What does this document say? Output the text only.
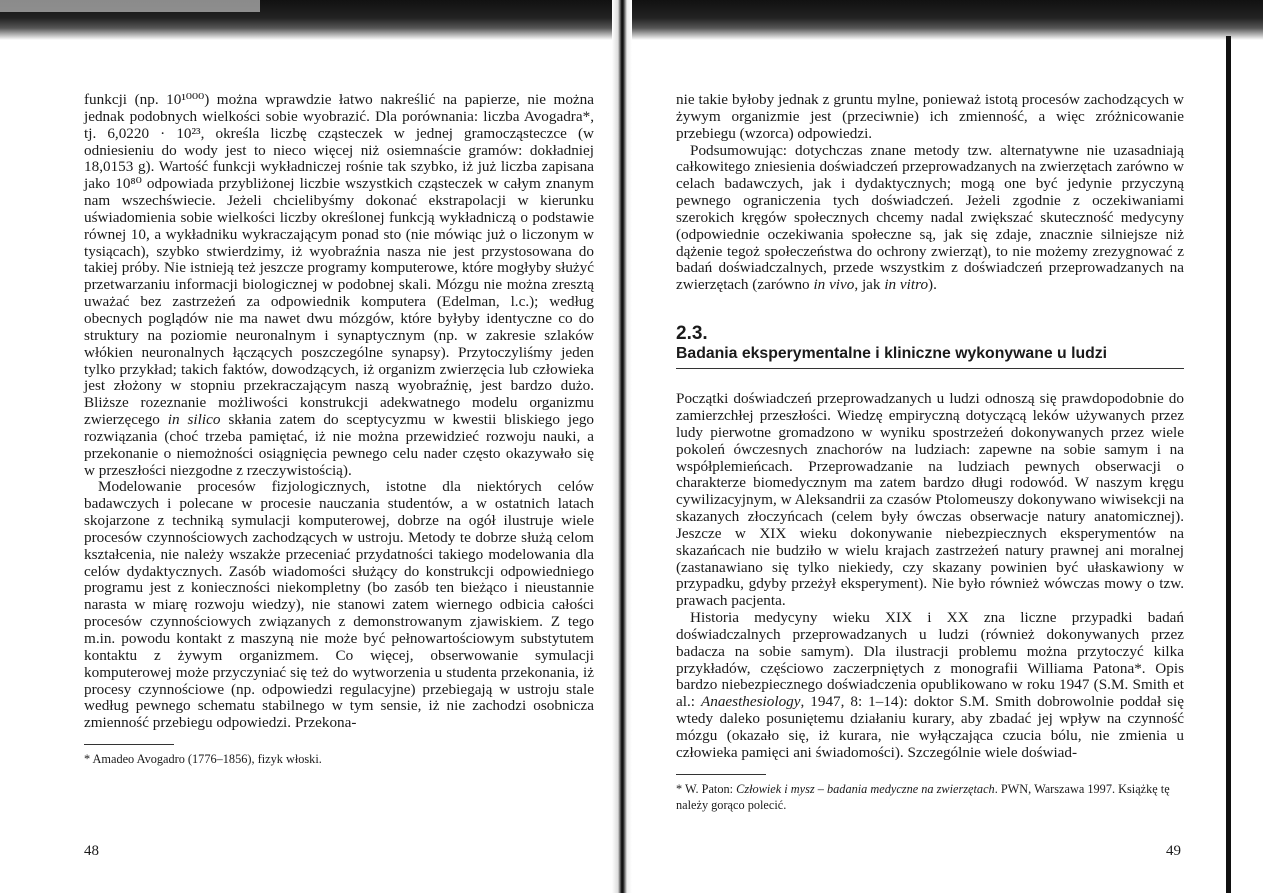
funkcji (np. 10¹⁰⁰⁰) można wprawdzie łatwo nakreślić na papierze, nie można jednak podobnych wielkości sobie wyobrazić. Dla porównania: liczba Avogadra*, tj. 6,0220 · 10²³, określa liczbę cząsteczek w jednej gramocząsteczce (w odniesieniu do wody jest to nieco więcej niż osiemnaście gramów: dokładniej 18,0153 g). Wartość funkcji wykładniczej rośnie tak szybko, iż już liczba zapisana jako 10⁸⁰ odpowiada przybliżonej liczbie wszystkich cząsteczek w całym znanym nam wszechświecie. Jeżeli chcielibyśmy dokonać ekstrapolacji w kierunku uświadomienia sobie wielkości liczby określonej funkcją wykładniczą o podstawie równej 10, a wykładniku wykraczającym ponad sto (nie mówiąc już o liczonym w tysiącach), szybko stwierdzimy, iż wyobraźnia nasza nie jest przystosowana do takiej próby. Nie istnieją też jeszcze programy komputerowe, które mogłyby służyć przetwarzaniu informacji biologicznej w podobnej skali. Mózgu nie można zresztą uważać bez zastrzeżeń za odpowiednik komputera (Edelman, l.c.); według obecnych poglądów nie ma nawet dwu mózgów, które byłyby identyczne co do struktury na poziomie neuronalnym i synaptycznym (np. w zakresie szlaków włókien neuronalnych łączących poszczególne synapsy). Przytoczyliśmy jeden tylko przykład; takich faktów, dowodzących, iż organizm zwierzęcia lub człowieka jest złożony w stopniu przekraczającym naszą wyobraźnię, jest bardzo dużo. Bliższe rozeznanie możliwości konstrukcji adekwatnego modelu organizmu zwierzęcego in silico skłania zatem do sceptycyzmu w kwestii bliskiego jego rozwiązania (choć trzeba pamiętać, iż nie można przewidzieć rozwoju nauki, a przekonanie o niemożności osiągnięcia pewnego celu nader często okazywało się w przeszłości niezgodne z rzeczywistością).

Modelowanie procesów fizjologicznych, istotne dla niektórych celów badawczych i polecane w procesie nauczania studentów, a w ostatnich latach skojarzone z techniką symulacji komputerowej, dobrze na ogół ilustruje wiele procesów czynnościowych zachodzących w ustroju. Metody te dobrze służą celom kształcenia, nie należy wszakże przeceniać przydatności takiego modelowania dla celów dydaktycznych. Zasób wiadomości służący do konstrukcji odpowiedniego programu jest z konieczności niekompletny (bo zasób ten bieżąco i nieustannie narasta w miarę rozwoju wiedzy), nie stanowi zatem wiernego odbicia całości procesów czynnościowych związanych z demonstrowanym zjawiskiem. Z tego m.in. powodu kontakt z maszyną nie może być pełnowartościowym substytutem kontaktu z żywym organizmem. Co więcej, obserwowanie symulacji komputerowej może przyczyniać się też do wytworzenia u studenta przekonania, iż procesy czynnościowe (np. odpowiedzi regulacyjne) przebiegają w ustroju stale według pewnego schematu stabilnego w tym sensie, iż nie zachodzi osobnicza zmienność przebiegu odpowiedzi. Przekona-

* Amadeo Avogadro (1776–1856), fizyk włoski.
48

nie takie byłoby jednak z gruntu mylne, ponieważ istotą procesów zachodzących w żywym organizmie jest (przeciwnie) ich zmienność, a więc zróżnicowanie przebiegu (wzorca) odpowiedzi.

Podsumowując: dotychczas znane metody tzw. alternatywne nie uzasadniają całkowitego zniesienia doświadczeń przeprowadzanych na zwierzętach zarówno w celach badawczych, jak i dydaktycznych; mogą one być jedynie przyczyną pewnego ograniczenia tych doświadczeń. Jeżeli zgodnie z oczekiwaniami szerokich kręgów społecznych chcemy nadal zwiększać skuteczność medycyny (odpowiednie oczekiwania społeczne są, jak się zdaje, znacznie silniejsze niż dążenie tegoż społeczeństwa do ochrony zwierząt), to nie możemy zrezygnować z badań doświadczalnych, przede wszystkim z doświadczeń przeprowadzanych na zwierzętach (zarówno in vivo, jak in vitro).

2.3.
Badania eksperymentalne i kliniczne wykonywane u ludzi

Początki doświadczeń przeprowadzanych u ludzi odnoszą się prawdopodobnie do zamierzchłej przeszłości. Wiedzę empiryczną dotyczącą leków używanych przez ludy pierwotne gromadzono w wyniku spostrzeżeń dokonywanych przez wiele pokoleń ówczesnych znachorów na ludziach: zapewne na sobie samym i na współplemieńcach. Przeprowadzanie na ludziach pewnych obserwacji o charakterze biomedycznym ma zatem bardzo długi rodowód. W naszym kręgu cywilizacyjnym, w Aleksandrii za czasów Ptolomeuszy dokonywano wiwisekcji na skazanych złoczyńcach (celem były ówczas obserwacje natury anatomicznej). Jeszcze w XIX wieku dokonywanie niebezpiecznych eksperymentów na skazańcach nie budziło w wielu krajach zastrzeżeń natury prawnej ani moralnej (zastanawiano się tylko niekiedy, czy skazany powinien być ułaskawiony w przypadku, gdyby przeżył eksperyment). Nie było również wówczas mowy o tzw. prawach pacjenta.

Historia medycyny wieku XIX i XX zna liczne przypadki badań doświadczalnych przeprowadzanych u ludzi (również dokonywanych przez badacza na sobie samym). Dla ilustracji problemu można przytoczyć kilka przykładów, częściowo zaczerpniętych z monografii Williama Patona*. Opis bardzo niebezpiecznego doświadczenia opublikowano w roku 1947 (S.M. Smith et al.: Anaesthesiology, 1947, 8: 1–14): doktor S.M. Smith dobrowolnie poddał się wtedy daleko posuniętemu działaniu kurary, aby zbadać jej wpływ na czynność mózgu (okazało się, iż kurara, nie wyłączająca czucia bólu, nie zmienia u człowieka pamięci ani świadomości). Szczególnie wiele doświad-

* W. Paton: Człowiek i mysz – badania medyczne na zwierzętach. PWN, Warszawa 1997. Książkę tę należy gorąco polecić.
49
